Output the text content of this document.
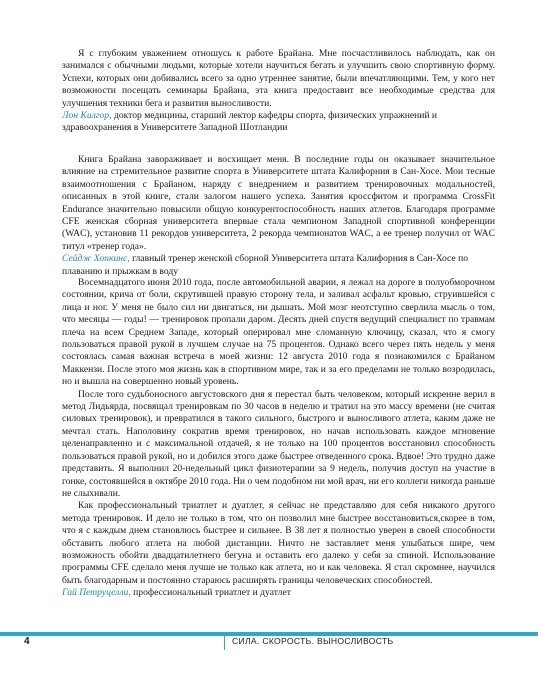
Я с глубоким уважением отношусь к работе Брайана. Мне посчастливилось наблюдать, как он занимался с обычными людьми, которые хотели научиться бегать и улучшить свою спортивную форму. Успехи, которых они добивались всего за одно утреннее занятие, были впечатляющими. Тем, у кого нет возможности посещать семинары Брайана, эта книга предоставит все необходимые средства для улучшения техники бега и развития выносливости.

Лон Килгор, доктор медицины, старший лектор кафедры спорта, физических упражнений и здравоохранения в Университете Западной Шотландии

Книга Брайана завораживает и восхищает меня. В последние годы он оказывает значительное влияние на стремительное развитие спорта в Университете штата Калифорния в Сан-Хосе. Мои тесные взаимоотношения с Брайаном, наряду с внедрением и развитием тренировочных модальностей, описанных в этой книге, стали залогом нашего успеха. Занятия кроссфитом и программа CrossFit Endurance значительно повысили общую конкурентоспособность наших атлетов. Благодаря программе CFE женская сборная университета впервые стала чемпионом Западной спортивной конференции (WAC), установив 11 рекордов университета, 2 рекорда чемпионатов WAC, а ее тренер получил от WAC титул «тренер года».

Сейдж Хопкинс, главный тренер женской сборной Университета штата Калифорния в Сан-Хосе по плаванию и прыжкам в воду

Восемнадцатого июня 2010 года, после автомобильной аварии, я лежал на дороге в полуобморочном состоянии, крича от боли, скрутившей правую сторону тела, и заливал асфальт кровью, струившейся с лица и ног. У меня не было сил ни двигаться, ни дышать. Мой мозг неотступно сверлила мысль о том, что месяцы — годы! — тренировок пропали даром. Десять дней спустя ведущий специалист по травмам плеча на всем Среднем Западе, который оперировал мне сломанную ключицу, сказал, что я смогу пользоваться правой рукой в лучшем случае на 75 процентов. Однако всего через пять недель у меня состоялась самая важная встреча в моей жизни: 12 августа 2010 года я познакомился с Брайаном Маккензи. После этого моя жизнь как в спортивном мире, так и за его пределами не только возродилась, но и вышла на совершенно новый уровень.

После того судьбоносного августовского дня я перестал быть человеком, который искренне верил в метод Лидьярда, посвящал тренировкам по 30 часов в неделю и тратил на это массу времени (не считая силовых тренировок), и превратился в такого сильного, быстрого и выносливого атлета, каким даже не мечтал стать. Наполовину сократив время тренировок, но начав использовать каждое мгновение целенаправленно и с максимальной отдачей, я не только на 100 процентов восстановил способность пользоваться правой рукой, но и добился этого даже быстрее отведенного срока. Вдвое! Это трудно даже представить. Я выполнил 20-недельный цикл физиотерапии за 9 недель, получив доступ на участие в гонке, состоявшейся в октябре 2010 года. Ни о чем подобном ни мой врач, ни его коллеги никогда раньше не слыхивали.

Как профессиональный триатлет и дуатлет, я сейчас не представляю для себя никакого другого метода тренировок. И дело не только в том, что он позволил мне быстрее восстановиться,скорее в том, что я с каждым днем становлюсь быстрее и сильнее. В 38 лет я полностью уверен в своей способности обставить любого атлета на любой дистанции. Ничто не заставляет меня улыбаться шире, чем возможность обойти двадцатилетнего бегуна и оставить его далеко у себя за спиной. Использование программы CFE сделало меня лучше не только как атлета, но и как человека. Я стал скромнее, научился быть благодарным и постоянно стараюсь расширять границы человеческих способностей.

Гай Петруцелли, профессиональный триатлет и дуатлет
4	СИЛА. СКОРОСТЬ. ВЫНОСЛИВОСТЬ
